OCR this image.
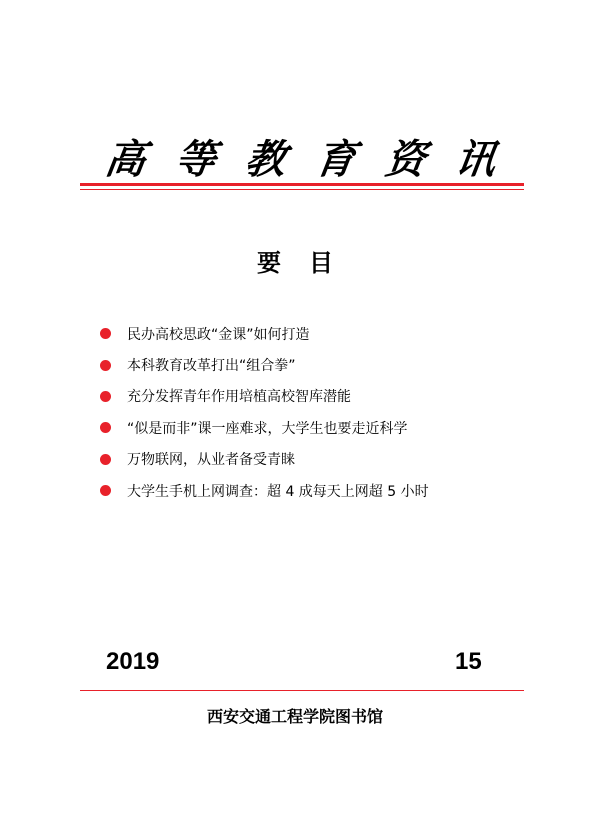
高 等 教 育 资 讯
要目
民办高校思政“金课”如何打造
本科教育改革打出“组合拳”
充分发挥青年作用培植高校智库潜能
“似是而非”课一座难求，大学生也要走近科学
万物联网，从业者备受青睐
大学生手机上网调查：超 4 成每天上网超 5 小时
2019	15
西安交通工程学院图书馆
